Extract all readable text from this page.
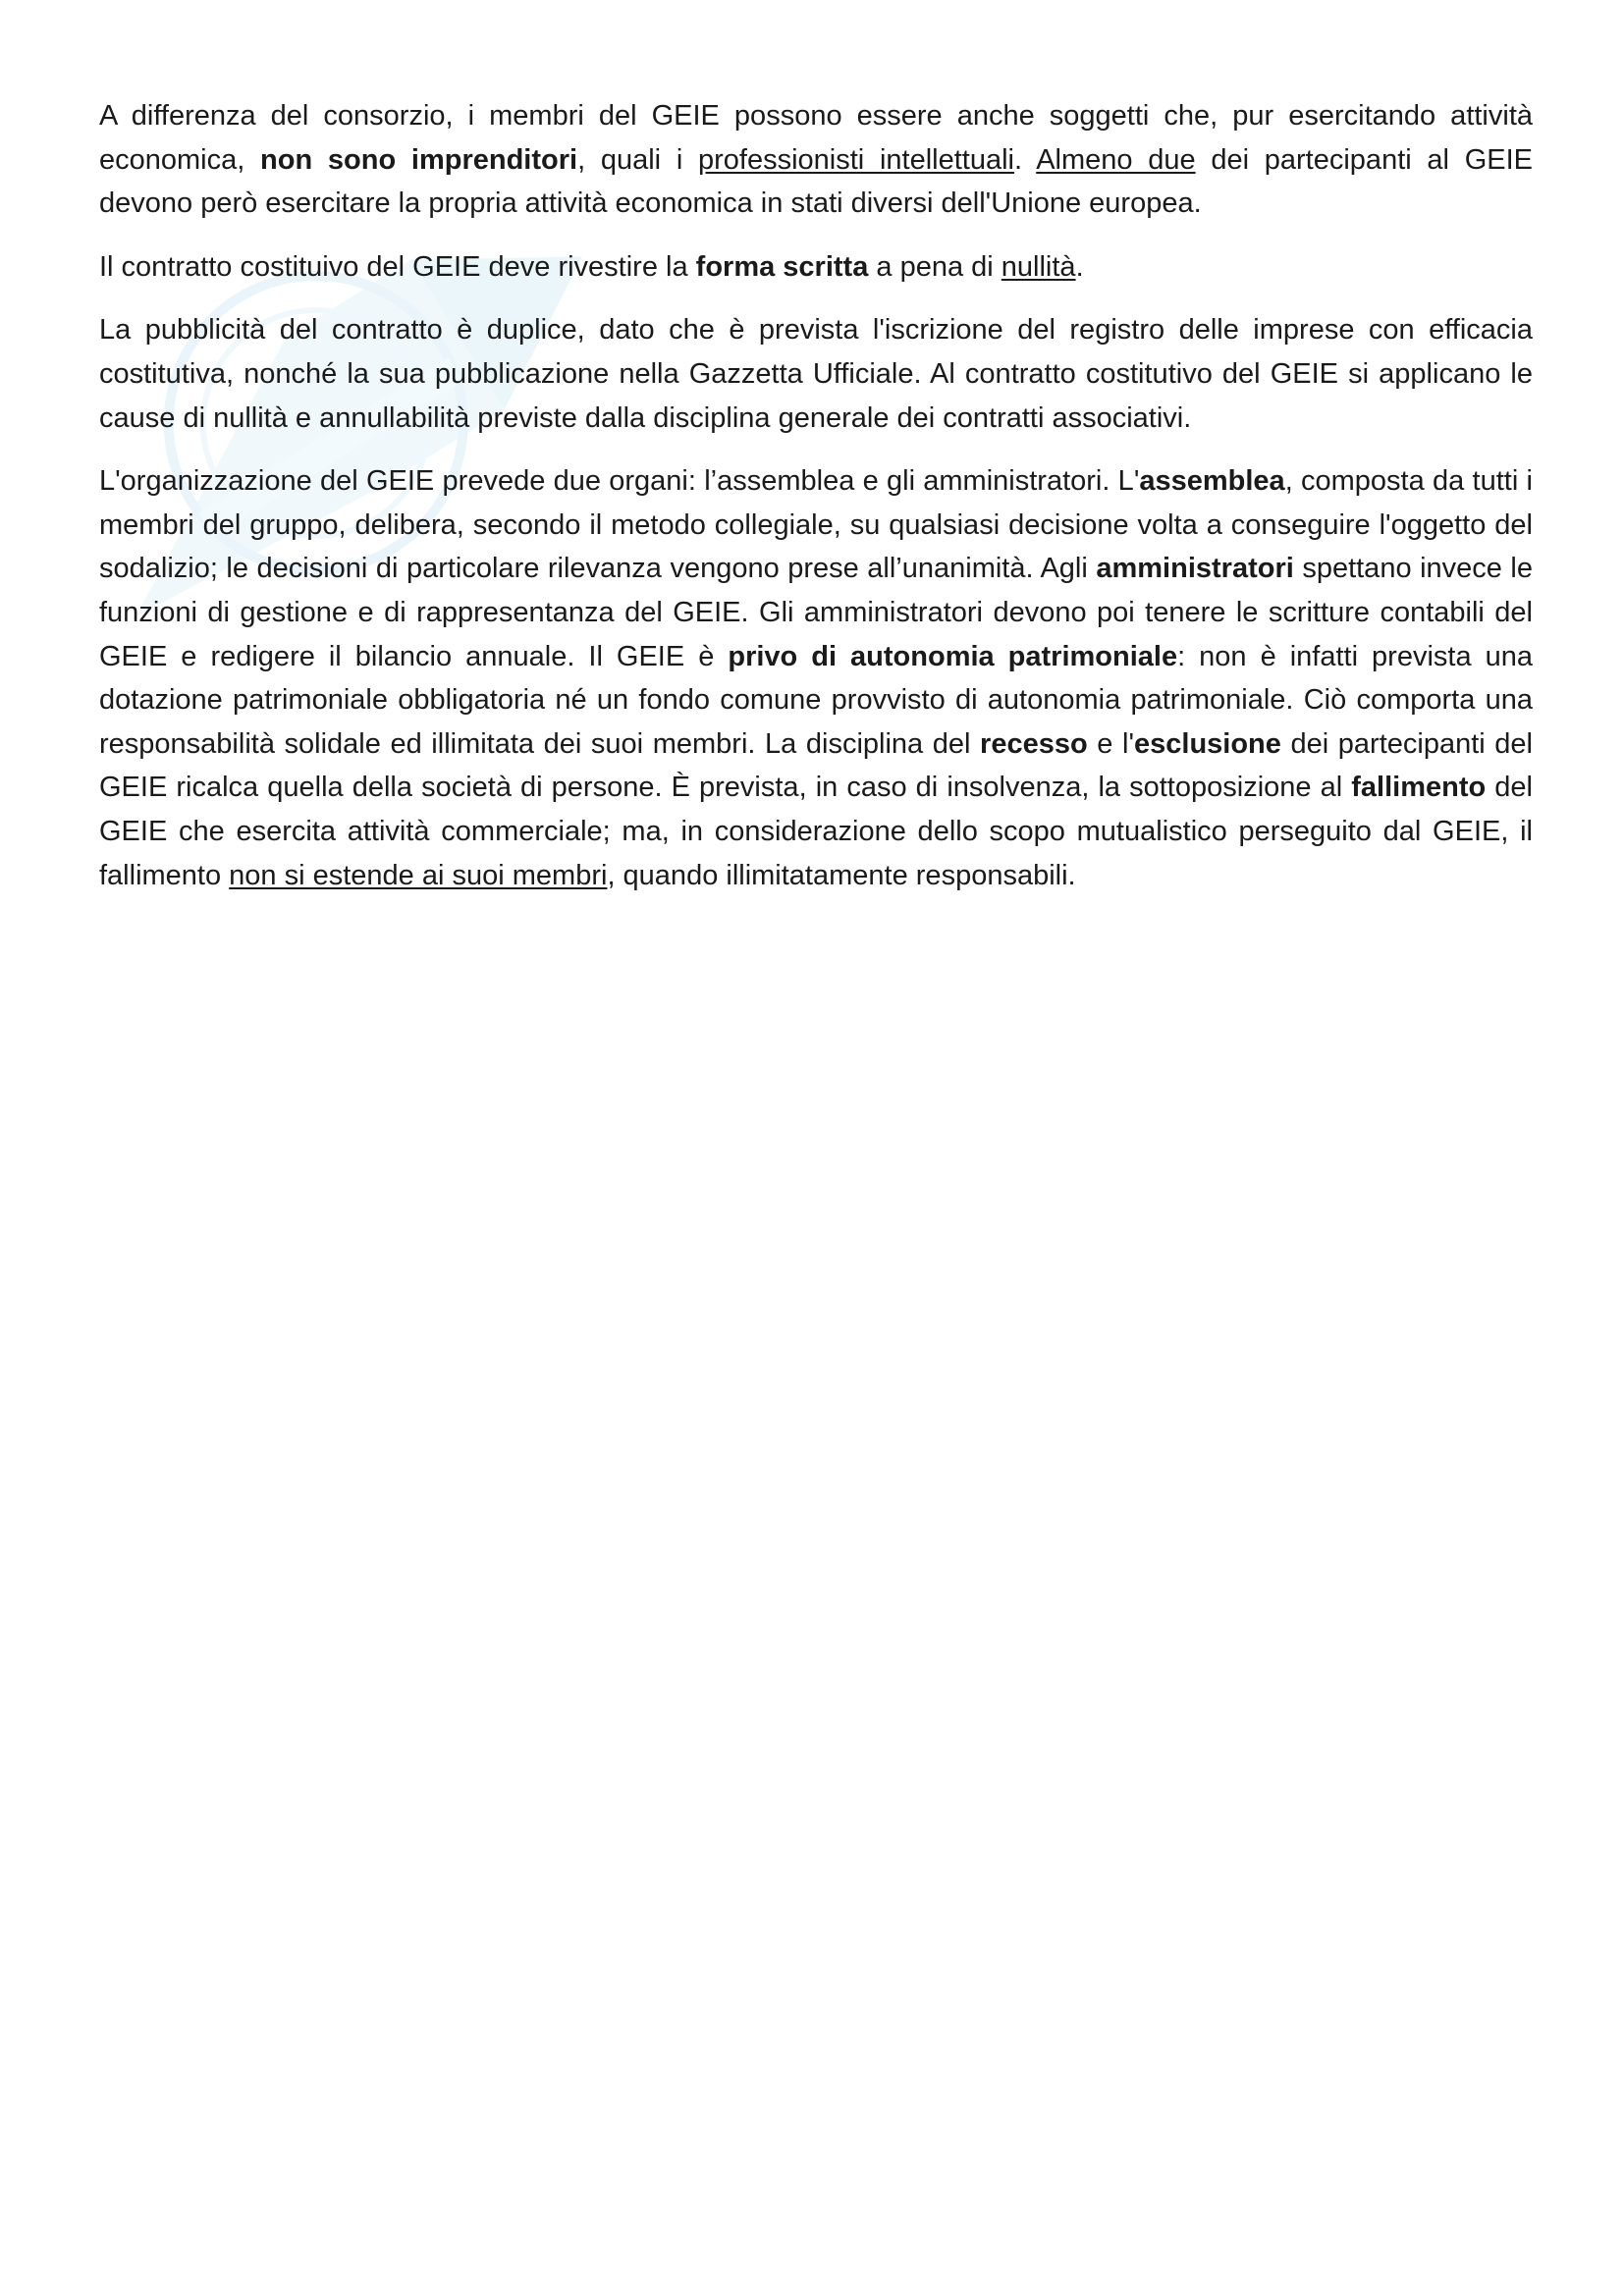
A differenza del consorzio, i membri del GEIE possono essere anche soggetti che, pur esercitando attività economica, non sono imprenditori, quali i professionisti intellettuali. Almeno due dei partecipanti al GEIE devono però esercitare la propria attività economica in stati diversi dell'Unione europea.

Il contratto costituivo del GEIE deve rivestire la forma scritta a pena di nullità.

La pubblicità del contratto è duplice, dato che è prevista l'iscrizione del registro delle imprese con efficacia costitutiva, nonché la sua pubblicazione nella Gazzetta Ufficiale. Al contratto costitutivo del GEIE si applicano le cause di nullità e annullabilità previste dalla disciplina generale dei contratti associativi.

L'organizzazione del GEIE prevede due organi: l’assemblea e gli amministratori. L'assemblea, composta da tutti i membri del gruppo, delibera, secondo il metodo collegiale, su qualsiasi decisione volta a conseguire l'oggetto del sodalizio; le decisioni di particolare rilevanza vengono prese all’unanimità. Agli amministratori spettano invece le funzioni di gestione e di rappresentanza del GEIE. Gli amministratori devono poi tenere le scritture contabili del GEIE e redigere il bilancio annuale. Il GEIE è privo di autonomia patrimoniale: non è infatti prevista una dotazione patrimoniale obbligatoria né un fondo comune provvisto di autonomia patrimoniale. Ciò comporta una responsabilità solidale ed illimitata dei suoi membri. La disciplina del recesso e l'esclusione dei partecipanti del GEIE ricalca quella della società di persone. È prevista, in caso di insolvenza, la sottoposizione al fallimento del GEIE che esercita attività commerciale; ma, in considerazione dello scopo mutualistico perseguito dal GEIE, il fallimento non si estende ai suoi membri, quando illimitatamente responsabili.
